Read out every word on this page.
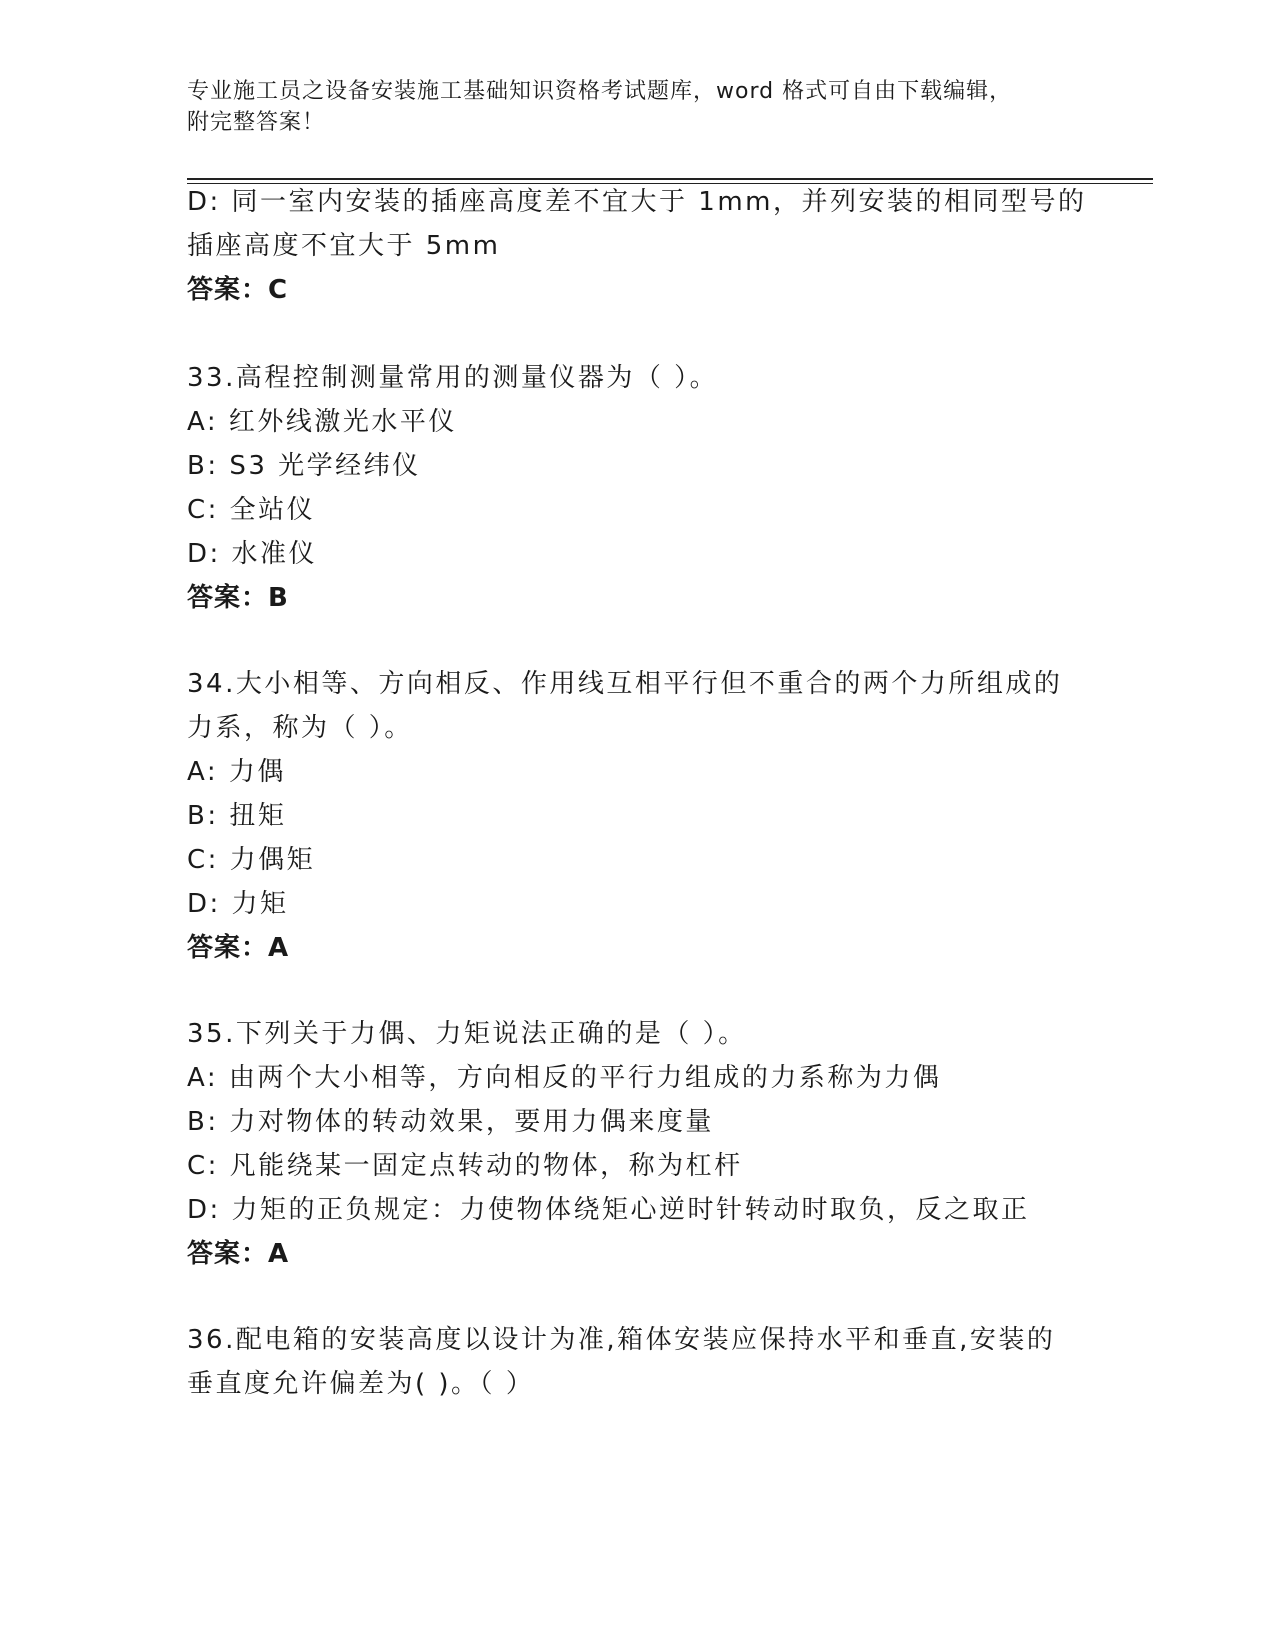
专业施工员之设备安装施工基础知识资格考试题库，word 格式可自由下载编辑，
附完整答案！
D: 同一室内安装的插座高度差不宜大于 1mm，并列安装的相同型号的
插座高度不宜大于 5mm
答案：C
33.高程控制测量常用的测量仪器为（ ）。
A: 红外线激光水平仪
B: S3 光学经纬仪
C: 全站仪
D: 水准仪
答案：B
34.大小相等、方向相反、作用线互相平行但不重合的两个力所组成的
力系，称为（ ）。
A: 力偶
B: 扭矩
C: 力偶矩
D: 力矩
答案：A
35.下列关于力偶、力矩说法正确的是（ ）。
A: 由两个大小相等，方向相反的平行力组成的力系称为力偶
B: 力对物体的转动效果，要用力偶来度量
C: 凡能绕某一固定点转动的物体，称为杠杆
D: 力矩的正负规定：力使物体绕矩心逆时针转动时取负，反之取正
答案：A
36.配电箱的安装高度以设计为准,箱体安装应保持水平和垂直,安装的
垂直度允许偏差为( )。（ ）
